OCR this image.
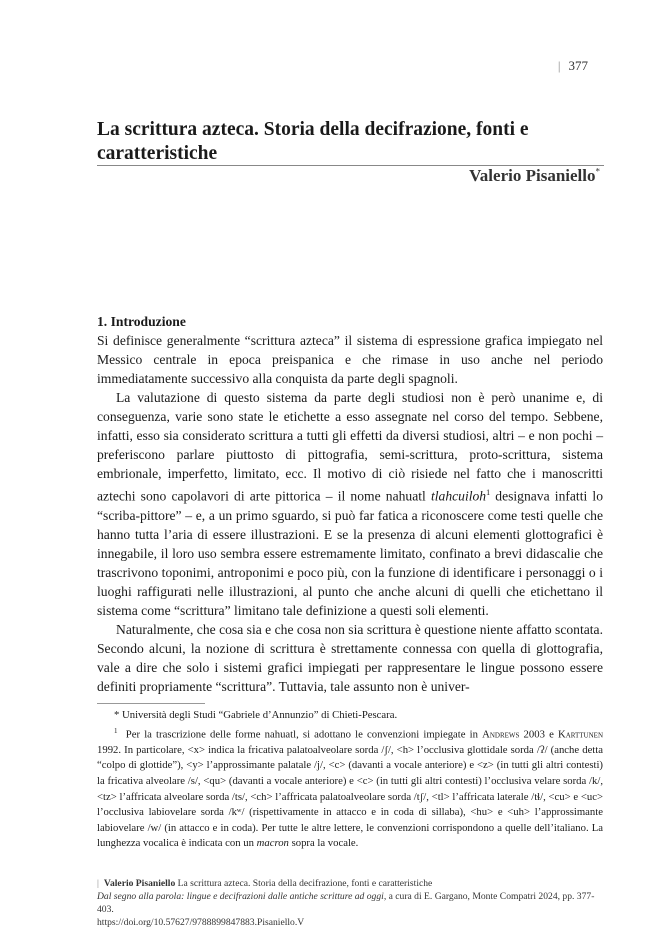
| 377
La scrittura azteca. Storia della decifrazione, fonti e caratteristiche
Valerio Pisaniello*

1. Introduzione

Si definisce generalmente “scrittura azteca” il sistema di espressione grafica impiegato nel Messico centrale in epoca preispanica e che rimase in uso anche nel periodo immediatamente successivo alla conquista da parte degli spagnoli.

La valutazione di questo sistema da parte degli studiosi non è però unanime e, di conseguenza, varie sono state le etichette a esso assegnate nel corso del tempo. Sebbene, infatti, esso sia considerato scrittura a tutti gli effetti da diversi studiosi, altri – e non pochi – preferiscono parlare piuttosto di pittografia, semi-scrittura, proto-scrittura, sistema embrionale, imperfetto, limitato, ecc. Il motivo di ciò risiede nel fatto che i manoscritti aztechi sono capolavori di arte pittorica – il nome nahuatl tlahcuiloh$^1$ designava infatti lo “scriba-pittore” – e, a un primo sguardo, si può far fatica a riconoscere come testi quelle che hanno tutta l’aria di essere illustrazioni. E se la presenza di alcuni elementi glottografici è innegabile, il loro uso sembra essere estremamente limitato, confinato a brevi didascalie che trascrivono toponimi, antroponimi e poco più, con la funzione di identificare i personaggi o i luoghi raffigurati nelle illustrazioni, al punto che anche alcuni di quelli che etichettano il sistema come “scrittura” limitano tale definizione a questi soli elementi.

Naturalmente, che cosa sia e che cosa non sia scrittura è questione niente affatto scontata. Secondo alcuni, la nozione di scrittura è strettamente connessa con quella di glottografia, vale a dire che solo i sistemi grafici impiegati per rappresentare le lingue possono essere definiti propriamente “scrittura”. Tuttavia, tale assunto non è univer-

* Università degli Studi “Gabriele d’Annunzio” di Chieti-Pescara.

$^1$ Per la trascrizione delle forme nahuatl, si adottano le convenzioni impiegate in Andrews 2003 e Karttunen 1992. In particolare, <x> indica la fricativa palatoalveolare sorda /ʃ/, <h> l’occlusiva glottidale sorda /ʔ/ (anche detta “colpo di glottide”), <y> l’approssimante palatale /j/, <c> (davanti a vocale anteriore) e <z> (in tutti gli altri contesti) la fricativa alveolare /s/, <qu> (davanti a vocale anteriore) e <c> (in tutti gli altri contesti) l’occlusiva velare sorda /k/, <tz> l’affricata alveolare sorda /ts/, <ch> l’affricata palatoalveolare sorda /tʃ/, <tl> l’affricata laterale /tɬ/, <cu> e <uc> l’occlusiva labiovelare sorda /kʷ/ (rispettivamente in attacco e in coda di sillaba), <hu> e <uh> l’approssimante labiovelare /w/ (in attacco e in coda). Per tutte le altre lettere, le convenzioni corrispondono a quelle dell’italiano. La lunghezza vocalica è indicata con un macron sopra la vocale.

| Valerio Pisaniello La scrittura azteca. Storia della decifrazione, fonti e caratteristiche
Dal segno alla parola: lingue e decifrazioni dalle antiche scritture ad oggi, a cura di E. Gargano, Monte Compatri 2024, pp. 377-403.
https://doi.org/10.57627/9788899847883.Pisaniello.V
